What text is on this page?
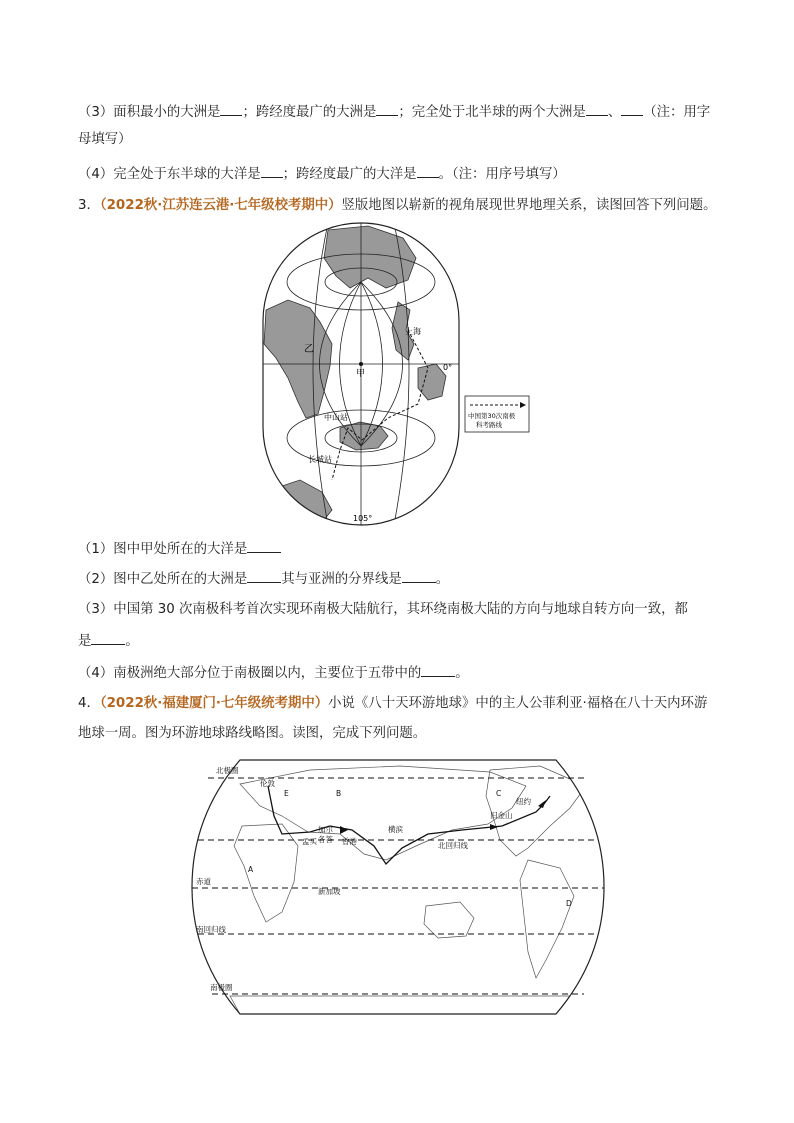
（3）面积最小的大洲是 ；跨经度最广的大洲是 ；完全处于北半球的两个大洲是 、 （注：用字
母填写）
（4）完全处于东半球的大洋是 ；跨经度最广的大洋是 。（注：用序号填写）
3．（2022秋·江苏连云港·七年级校考期中）竖版地图以崭新的视角展现世界地理关系，读图回答下列问题。
上海
乙
甲
0°
中山站
长城站
105°
中国第30次南极
科考路线
（1）图中甲处所在的大洋是
（2）图中乙处所在的大洲是	其与亚洲的分界线是	。
（3）中国第 30 次南极科考首次实现环南极大陆航行，其环绕南极大陆的方向与地球自转方向一致，都
是	。
（4）南极洲绝大部分位于南极圈以内，主要位于五带中的	。
4．（2022秋·福建厦门·七年级统考期中）小说《八十天环游地球》中的主人公菲利亚·福格在八十天内环游
地球一周。图为环游地球路线略图。读图，完成下列问题。
北极圈
伦敦
E	B	C
纽约
旧金山
横滨
加尔
各答
孟买	香港	北回归线
A
赤道
新加坡
D
南回归线
南极圈
